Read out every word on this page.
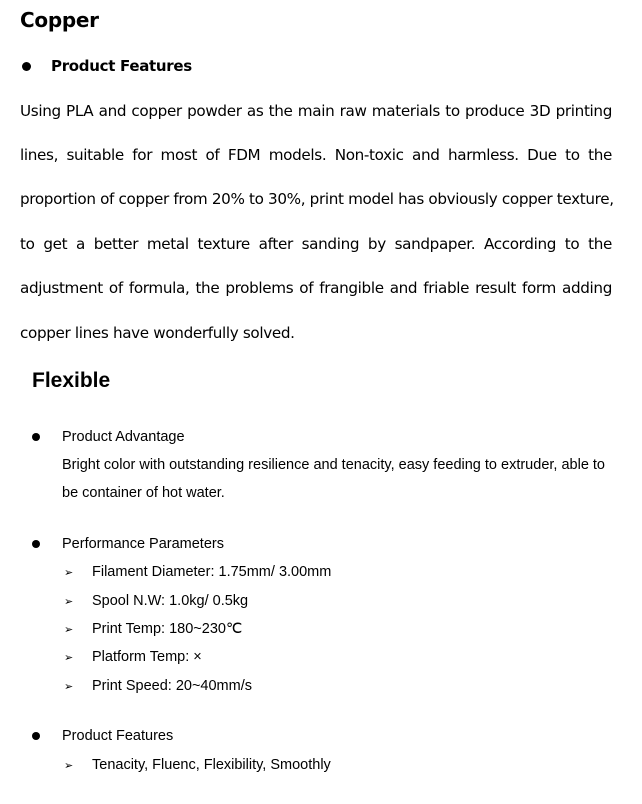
Copper
Product Features
Using PLA and copper powder as the main raw materials to produce 3D printing
lines, suitable for most of FDM models. Non-toxic and harmless. Due to the
proportion of copper from 20% to 30%, print model has obviously copper texture,
to get a better metal texture after sanding by sandpaper. According to the
adjustment of formula, the problems of frangible and friable result form adding
copper lines have wonderfully solved.
Flexible
Product Advantage
Bright color with outstanding resilience and tenacity, easy feeding to extruder, able to
be container of hot water.
Performance Parameters
➢ Filament Diameter: 1.75mm/ 3.00mm
➢ Spool N.W: 1.0kg/ 0.5kg
➢ Print Temp: 180~230℃
➢ Platform Temp: ×
➢ Print Speed: 20~40mm/s
Product Features
➢ Tenacity, Fluenc, Flexibility, Smoothly
